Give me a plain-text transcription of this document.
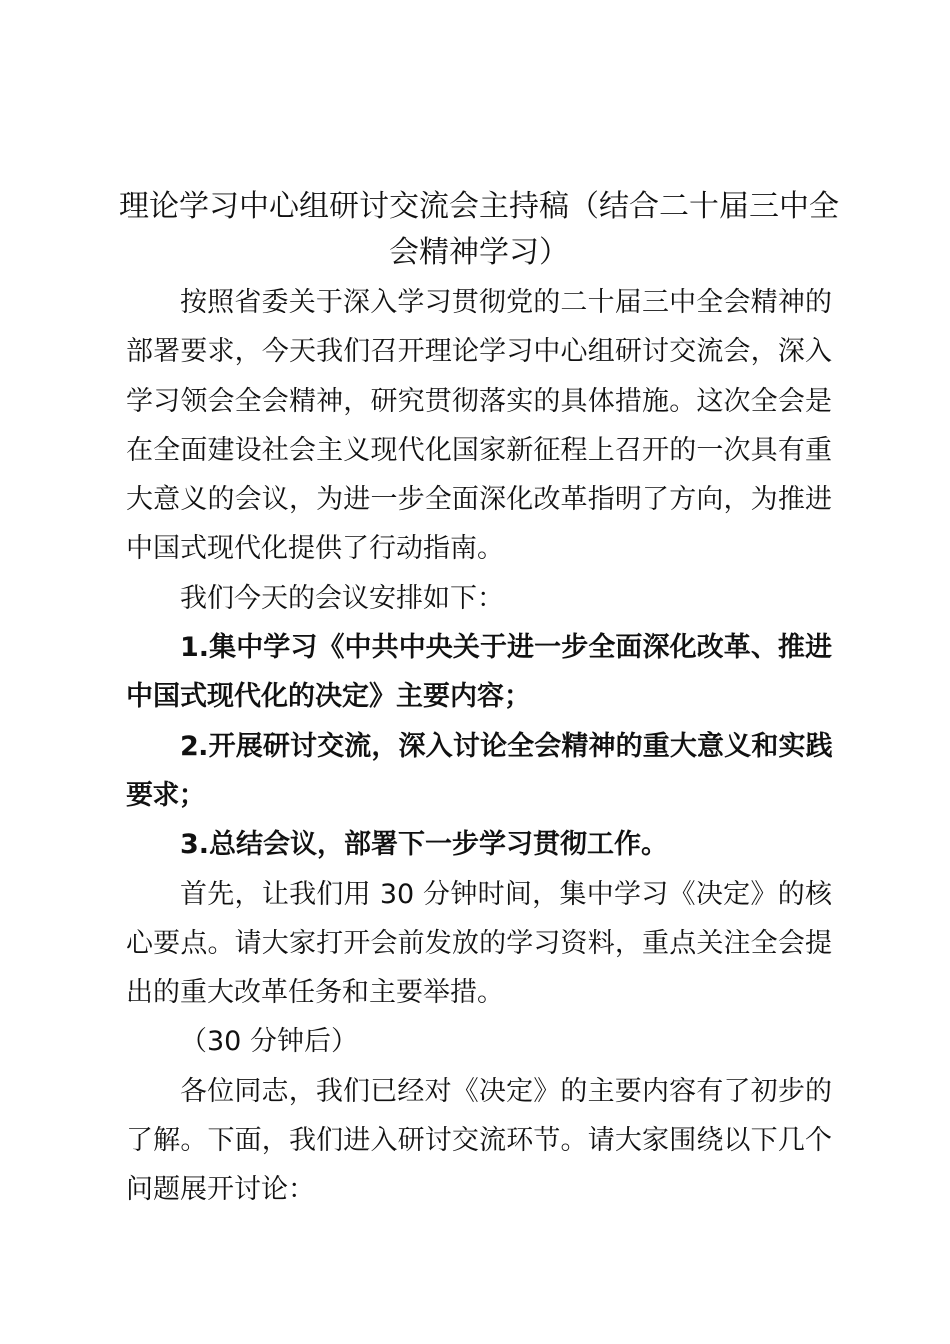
理论学习中心组研讨交流会主持稿（结合二十届三中全会精神学习）

按照省委关于深入学习贯彻党的二十届三中全会精神的部署要求，今天我们召开理论学习中心组研讨交流会，深入学习领会全会精神，研究贯彻落实的具体措施。这次全会是在全面建设社会主义现代化国家新征程上召开的一次具有重大意义的会议，为进一步全面深化改革指明了方向，为推进中国式现代化提供了行动指南。

我们今天的会议安排如下：

1.集中学习《中共中央关于进一步全面深化改革、推进中国式现代化的决定》主要内容；

2.开展研讨交流，深入讨论全会精神的重大意义和实践要求；

3.总结会议，部署下一步学习贯彻工作。

首先，让我们用 30 分钟时间，集中学习《决定》的核心要点。请大家打开会前发放的学习资料，重点关注全会提出的重大改革任务和主要举措。

（30 分钟后）

各位同志，我们已经对《决定》的主要内容有了初步的了解。下面，我们进入研讨交流环节。请大家围绕以下几个问题展开讨论：
